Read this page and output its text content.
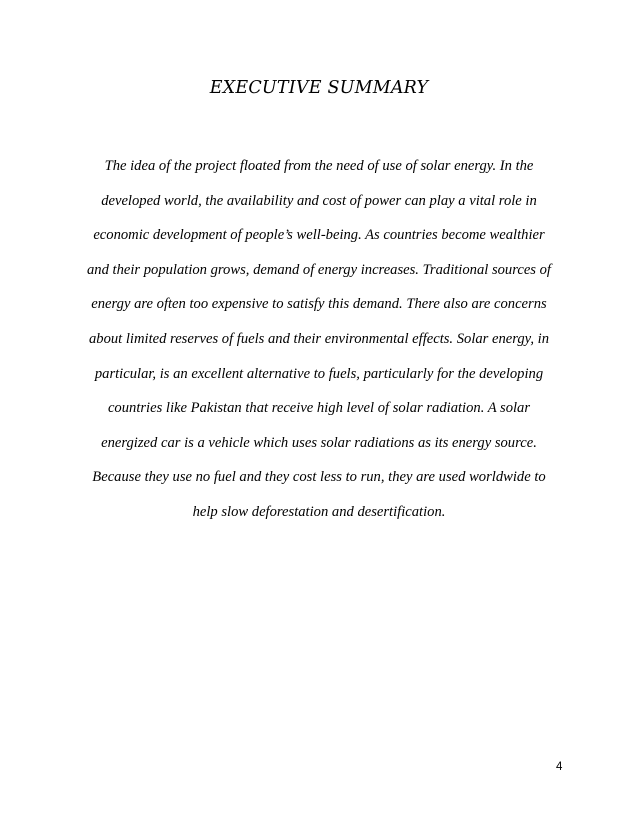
EXECUTIVE SUMMARY
The idea of the project floated from the need of use of solar energy. In the
developed world, the availability and cost of power can play a vital role in
economic development of people’s well-being. As countries become wealthier
and their population grows, demand of energy increases. Traditional sources of
energy are often too expensive to satisfy this demand. There also are concerns
about limited reserves of fuels and their environmental effects. Solar energy, in
particular, is an excellent alternative to fuels, particularly for the developing
countries like Pakistan that receive high level of solar radiation. A solar
energized car is a vehicle which uses solar radiations as its energy source.
Because they use no fuel and they cost less to run, they are used worldwide to
help slow deforestation and desertification.
4
